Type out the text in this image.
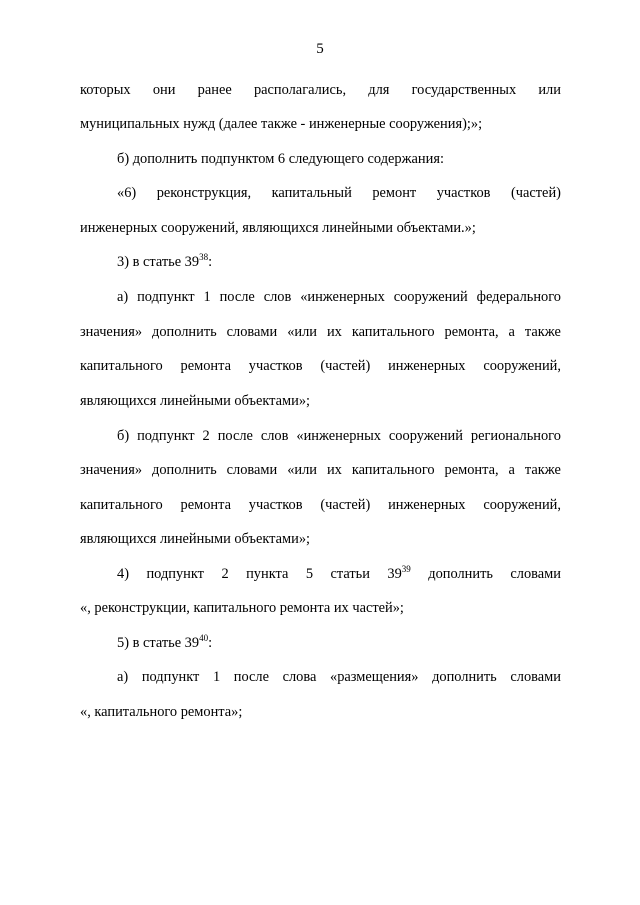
5
которых они ранее располагались, для государственных или
муниципальных нужд (далее также - инженерные сооружения);»;
б) дополнить подпунктом 6 следующего содержания:
«6) реконструкция, капитальный ремонт участков (частей)
инженерных сооружений, являющихся линейными объектами.»;
3) в статье $39^{38}$:
а) подпункт 1 после слов «инженерных сооружений федерального
значения» дополнить словами «или их капитального ремонта, а также
капитального ремонта участков (частей) инженерных сооружений,
являющихся линейными объектами»;
б) подпункт 2 после слов «инженерных сооружений регионального
значения» дополнить словами «или их капитального ремонта, а также
капитального ремонта участков (частей) инженерных сооружений,
являющихся линейными объектами»;
4) подпункт 2 пункта 5 статьи $39^{39}$ дополнить словами
«, реконструкции, капитального ремонта их частей»;
5) в статье $39^{40}$:
а) подпункт 1 после слова «размещения» дополнить словами
«, капитального ремонта»;
